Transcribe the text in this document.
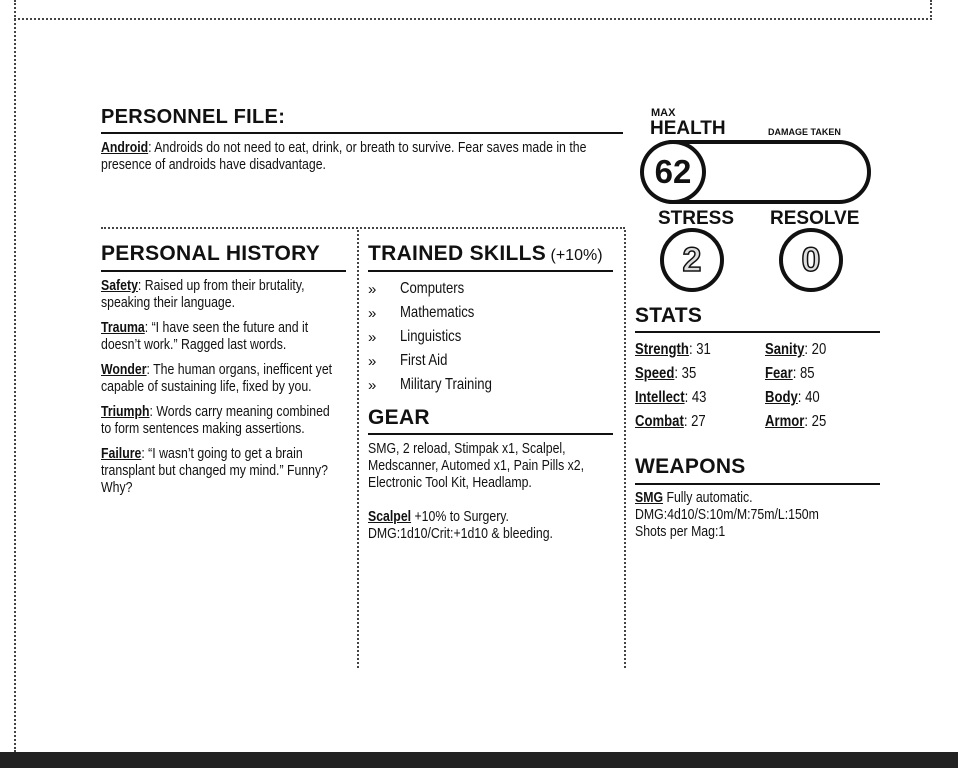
PERSONNEL FILE:
Android: Androids do not need to eat, drink, or breath to survive. Fear saves made in the presence of androids have disadvantage.
PERSONAL HISTORY
Safety: Raised up from their brutality, speaking their language.
Trauma: “I have seen the future and it doesn’t work.” Ragged last words.
Wonder: The human organs, inefficent yet capable of sustaining life, fixed by you.
Triumph: Words carry meaning combined to form sentences making assertions.
Failure: “I wasn’t going to get a brain transplant but changed my mind.” Funny? Why?
TRAINED SKILLS (+10%)
»	Computers
»	Mathematics
»	Linguistics
»	First Aid
»	Military Training
GEAR
SMG, 2 reload, Stimpak x1, Scalpel, Medscanner, Automed x1, Pain Pills x2, Electronic Tool Kit, Headlamp.
Scalpel +10% to Surgery.
DMG:1d10/Crit:+1d10 & bleeding.
MAX
HEALTH	DAMAGE TAKEN
62
STRESS RESOLVE
2	0
STATS
Strength: 31	Sanity: 20
Speed: 35	Fear: 85
Intellect: 43	Body: 40
Combat: 27	Armor: 25
WEAPONS
SMG Fully automatic.
DMG:4d10/S:10m/M:75m/L:150m
Shots per Mag:1
